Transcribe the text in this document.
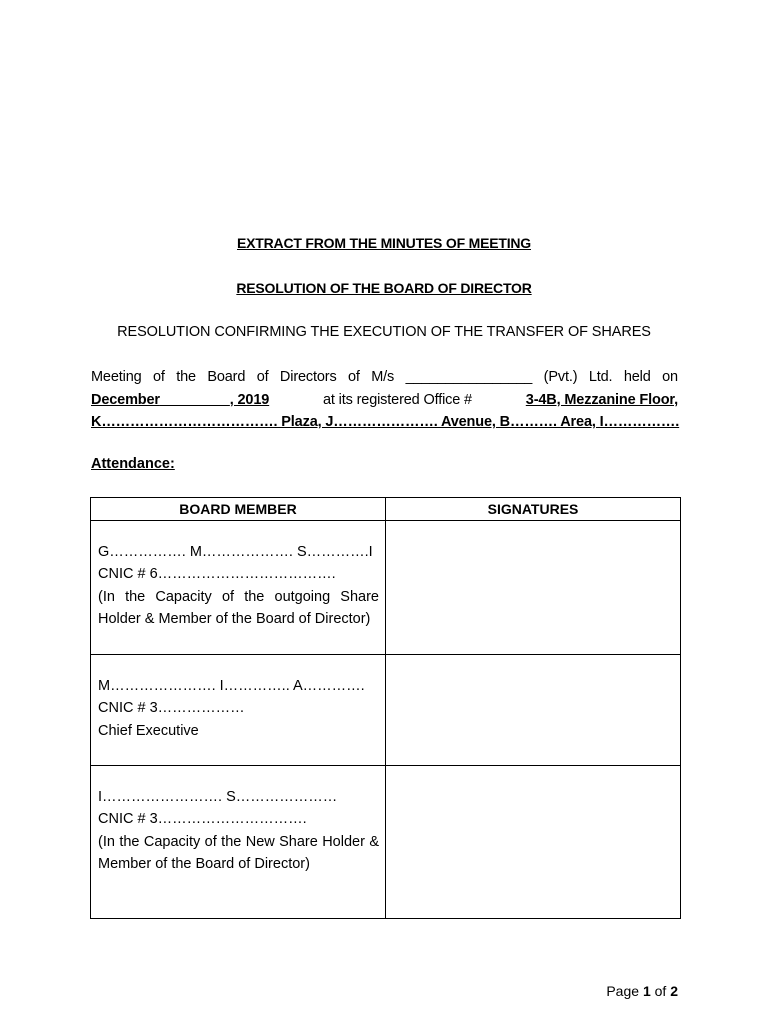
EXTRACT FROM THE MINUTES OF MEETING
RESOLUTION OF THE BOARD OF DIRECTOR
RESOLUTION CONFIRMING THE EXECUTION OF THE TRANSFER OF SHARES
Meeting of the Board of Directors of M/s ________________ (Pvt.) Ltd. held on
December	, 2019	at its registered Office #	3-4B, Mezzanine Floor,
K………………………………. Plaza, J…………………. Avenue, B………. Area, I…………….
Attendance:
BOARD MEMBER	SIGNATURES

G……………. M………………. S………….I
CNIC # 6……………………………….
(In the Capacity of the outgoing Share Holder & Member of the Board of Director)	

M…………………. I………….. A………….
CNIC # 3………………
Chief Executive	

I……………………. S…………………
CNIC # 3………………………….
(In the Capacity of the New Share Holder & Member of the Board of Director)	

Page 1 of 2
